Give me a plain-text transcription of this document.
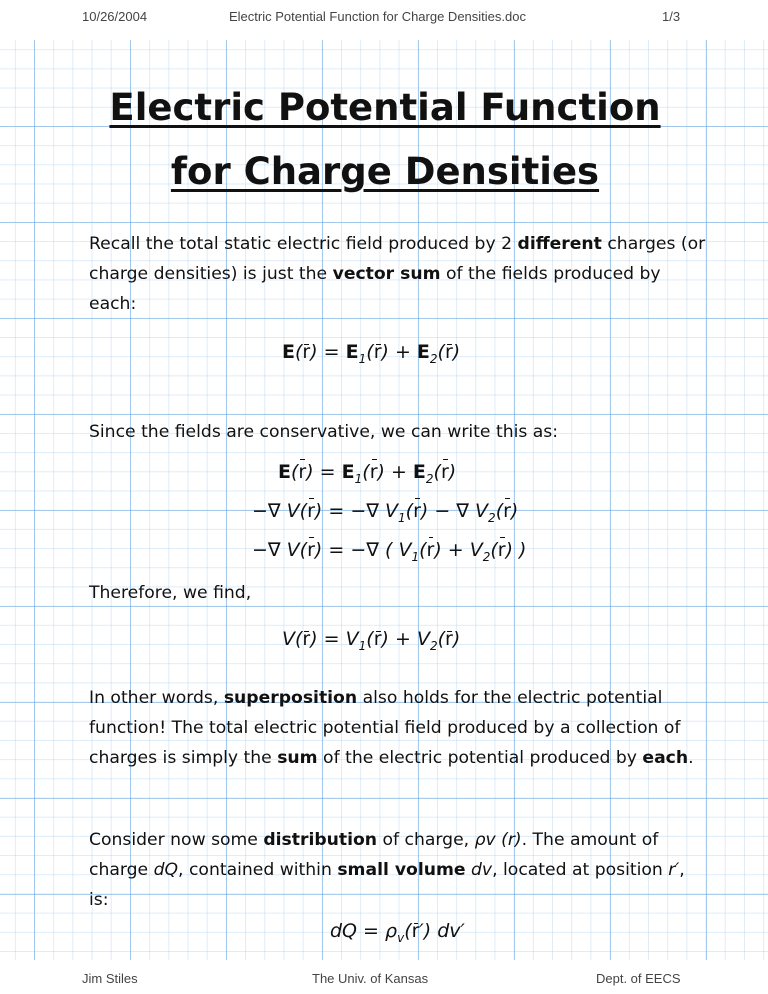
10/26/2004	Electric Potential Function for Charge Densities.doc	1/3
Electric Potential Function
for Charge Densities

Recall the total static electric field produced by 2 different charges (or charge densities) is just the vector sum of the fields produced by each:

$E(r) = E_1(r) + E_2(r)$

Since the fields are conservative, we can write this as:

$E(r) = E_1(r) + E_2(r)$
−∇ V(r) = −∇ $V_1(r)$ − ∇ $V_2(r)$
−∇ V(r) = −∇ ( $V_1(r) + V_2(r)$ )

Therefore, we find,

$V(r) = V_1(r) + V_2(r)$

In other words, superposition also holds for the electric potential function! The total electric potential field produced by a collection of charges is simply the sum of the electric potential produced by each.

Consider now some distribution of charge, ρv (r). The amount of charge dQ, contained within small volume dv, located at position r′, is:

dQ = $\rho_v(r')$ dv′
Jim Stiles	The Univ. of Kansas	Dept. of EECS
